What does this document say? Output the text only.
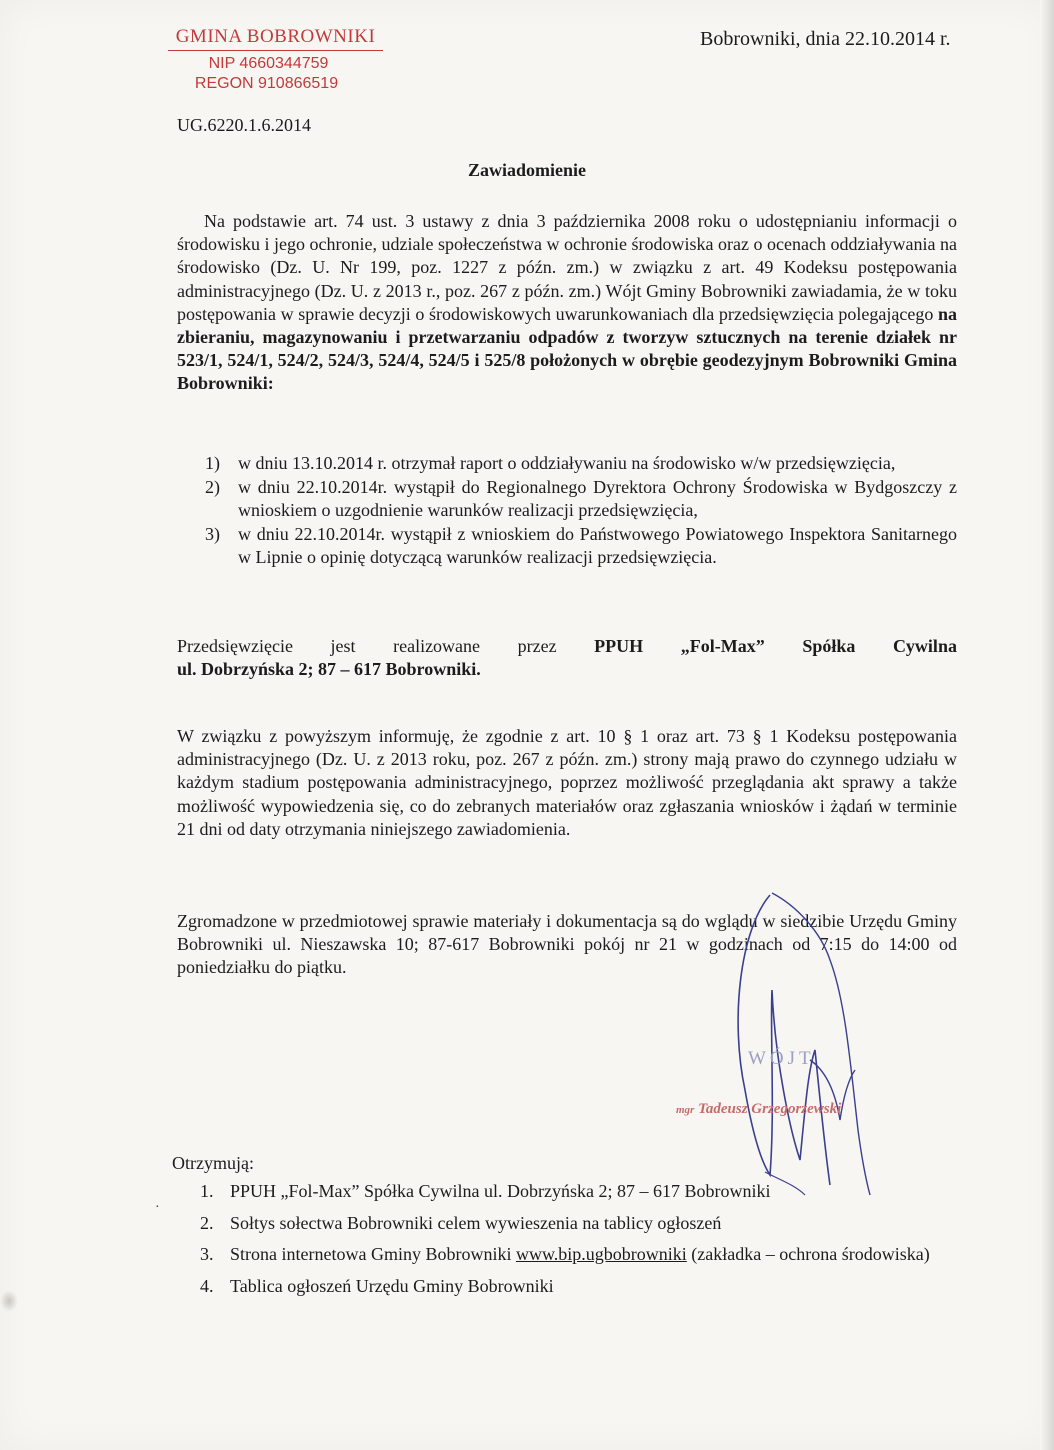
GMINA BOBROWNIKI
NIP 4660344759
REGON 910866519
Bobrowniki, dnia 22.10.2014 r.
UG.6220.1.6.2014
Zawiadomienie
Na podstawie art. 74 ust. 3 ustawy z dnia 3 października 2008 roku o udostępnianiu informacji o środowisku i jego ochronie, udziale społeczeństwa w ochronie środowiska oraz o ocenach oddziaływania na środowisko (Dz. U. Nr 199, poz. 1227 z późn. zm.) w związku z art. 49 Kodeksu postępowania administracyjnego (Dz. U. z 2013 r., poz. 267 z późn. zm.) Wójt Gminy Bobrowniki zawiadamia, że w toku postępowania w sprawie decyzji o środowiskowych uwarunkowaniach dla przedsięwzięcia polegającego na zbieraniu, magazynowaniu i przetwarzaniu odpadów z tworzyw sztucznych na terenie działek nr 523/1, 524/1, 524/2, 524/3, 524/4, 524/5 i 525/8 położonych w obrębie geodezyjnym Bobrowniki Gmina Bobrowniki:
1) w dniu 13.10.2014 r. otrzymał raport o oddziaływaniu na środowisko w/w przedsięwzięcia,
2) w dniu 22.10.2014r. wystąpił do Regionalnego Dyrektora Ochrony Środowiska w Bydgoszczy z wnioskiem o uzgodnienie warunków realizacji przedsięwzięcia,
3) w dniu 22.10.2014r. wystąpił z wnioskiem do Państwowego Powiatowego Inspektora Sanitarnego w Lipnie o opinię dotyczącą warunków realizacji przedsięwzięcia.
Przedsięwzięcie jest realizowane przez PPUH „Fol-Max” Spółka Cywilna
ul. Dobrzyńska 2; 87 – 617 Bobrowniki.
W związku z powyższym informuję, że zgodnie z art. 10 § 1 oraz art. 73 § 1 Kodeksu postępowania administracyjnego (Dz. U. z 2013 roku, poz. 267 z późn. zm.) strony mają prawo do czynnego udziału w każdym stadium postępowania administracyjnego, poprzez możliwość przeglądania akt sprawy a także możliwość wypowiedzenia się, co do zebranych materiałów oraz zgłaszania wniosków i żądań w terminie 21 dni od daty otrzymania niniejszego zawiadomienia.
Zgromadzone w przedmiotowej sprawie materiały i dokumentacja są do wglądu w siedzibie Urzędu Gminy Bobrowniki ul. Nieszawska 10; 87-617 Bobrowniki pokój nr 21 w godzinach od 7:15 do 14:00 od poniedziałku do piątku.
WÓJT
mgr Tadeusz Grzegorzewski
Otrzymują:
·
1. PPUH „Fol-Max” Spółka Cywilna ul. Dobrzyńska 2; 87 – 617 Bobrowniki
2. Sołtys sołectwa Bobrowniki celem wywieszenia na tablicy ogłoszeń
3. Strona internetowa Gminy Bobrowniki www.bip.ugbobrowniki (zakładka – ochrona środowiska)
4. Tablica ogłoszeń Urzędu Gminy Bobrowniki
